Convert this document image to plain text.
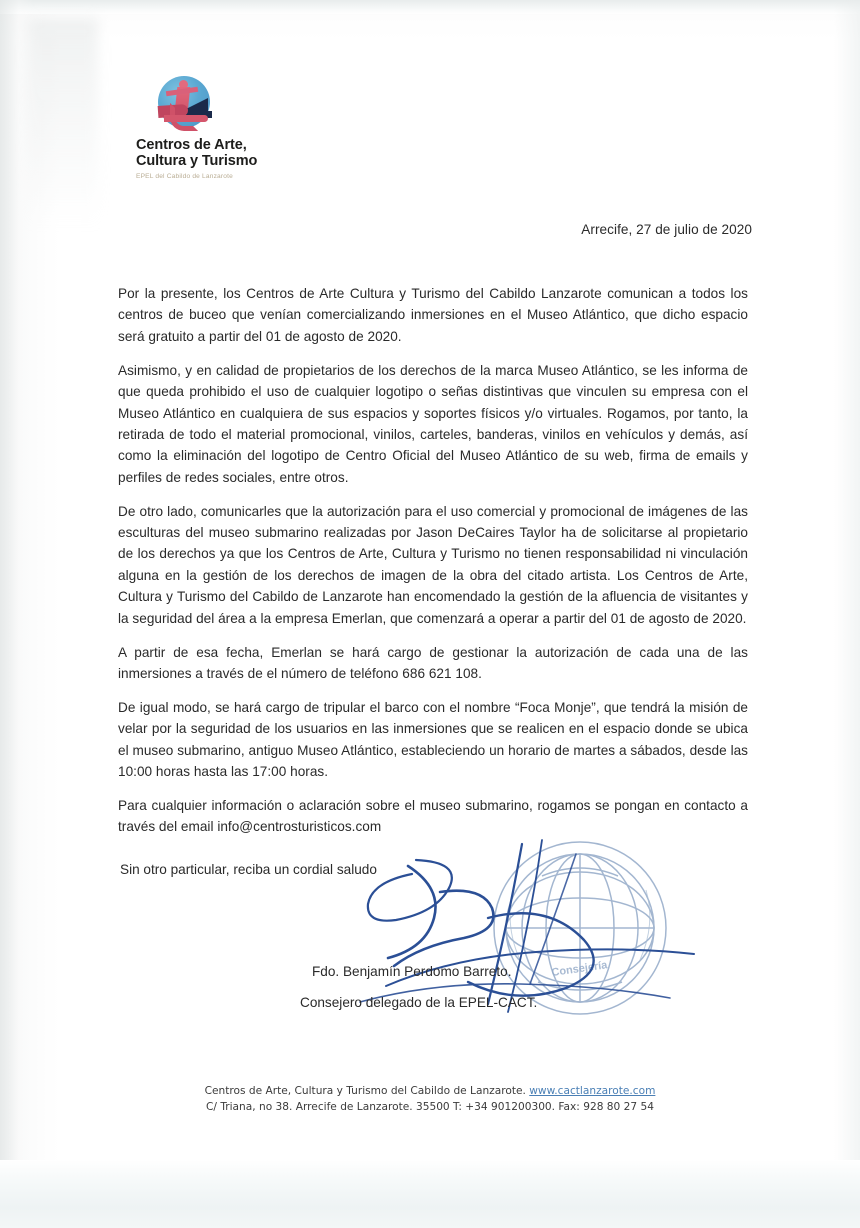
Centros de Arte,
Cultura y Turismo
EPEL del Cabildo de Lanzarote
Arrecife, 27 de julio de 2020

Por la presente, los Centros de Arte Cultura y Turismo del Cabildo Lanzarote comunican a todos los centros de buceo que venían comercializando inmersiones en el Museo Atlántico, que dicho espacio será gratuito a partir del 01 de agosto de 2020.

Asimismo, y en calidad de propietarios de los derechos de la marca Museo Atlántico, se les informa de que queda prohibido el uso de cualquier logotipo o señas distintivas que vinculen su empresa con el Museo Atlántico en cualquiera de sus espacios y soportes físicos y/o virtuales. Rogamos, por tanto, la retirada de todo el material promocional, vinilos, carteles, banderas, vinilos en vehículos y demás, así como la eliminación del logotipo de Centro Oficial del Museo Atlántico de su web, firma de emails y perfiles de redes sociales, entre otros.

De otro lado, comunicarles que la autorización para el uso comercial y promocional de imágenes de las esculturas del museo submarino realizadas por Jason DeCaires Taylor ha de solicitarse al propietario de los derechos ya que los Centros de Arte, Cultura y Turismo no tienen responsabilidad ni vinculación alguna en la gestión de los derechos de imagen de la obra del citado artista. Los Centros de Arte, Cultura y Turismo del Cabildo de Lanzarote han encomendado la gestión de la afluencia de visitantes y la seguridad del área a la empresa Emerlan, que comenzará a operar a partir del 01 de agosto de 2020.

A partir de esa fecha, Emerlan se hará cargo de gestionar la autorización de cada una de las inmersiones a través de el número de teléfono 686 621 108.

De igual modo, se hará cargo de tripular el barco con el nombre “Foca Monje”, que tendrá la misión de velar por la seguridad de los usuarios en las inmersiones que se realicen en el espacio donde se ubica el museo submarino, antiguo Museo Atlántico, estableciendo un horario de martes a sábados, desde las 10:00 horas hasta las 17:00 horas.

Para cualquier información o aclaración sobre el museo submarino, rogamos se pongan en contacto a través del email info@centrosturisticos.com

Sin otro particular, reciba un cordial saludo
Consejería
Fdo. Benjamín Perdomo Barreto.
Consejero delegado de la EPEL-CACT.
Centros de Arte, Cultura y Turismo del Cabildo de Lanzarote. www.cactlanzarote.com
C/ Triana, no 38. Arrecife de Lanzarote. 35500 T: +34 901200300. Fax: 928 80 27 54
